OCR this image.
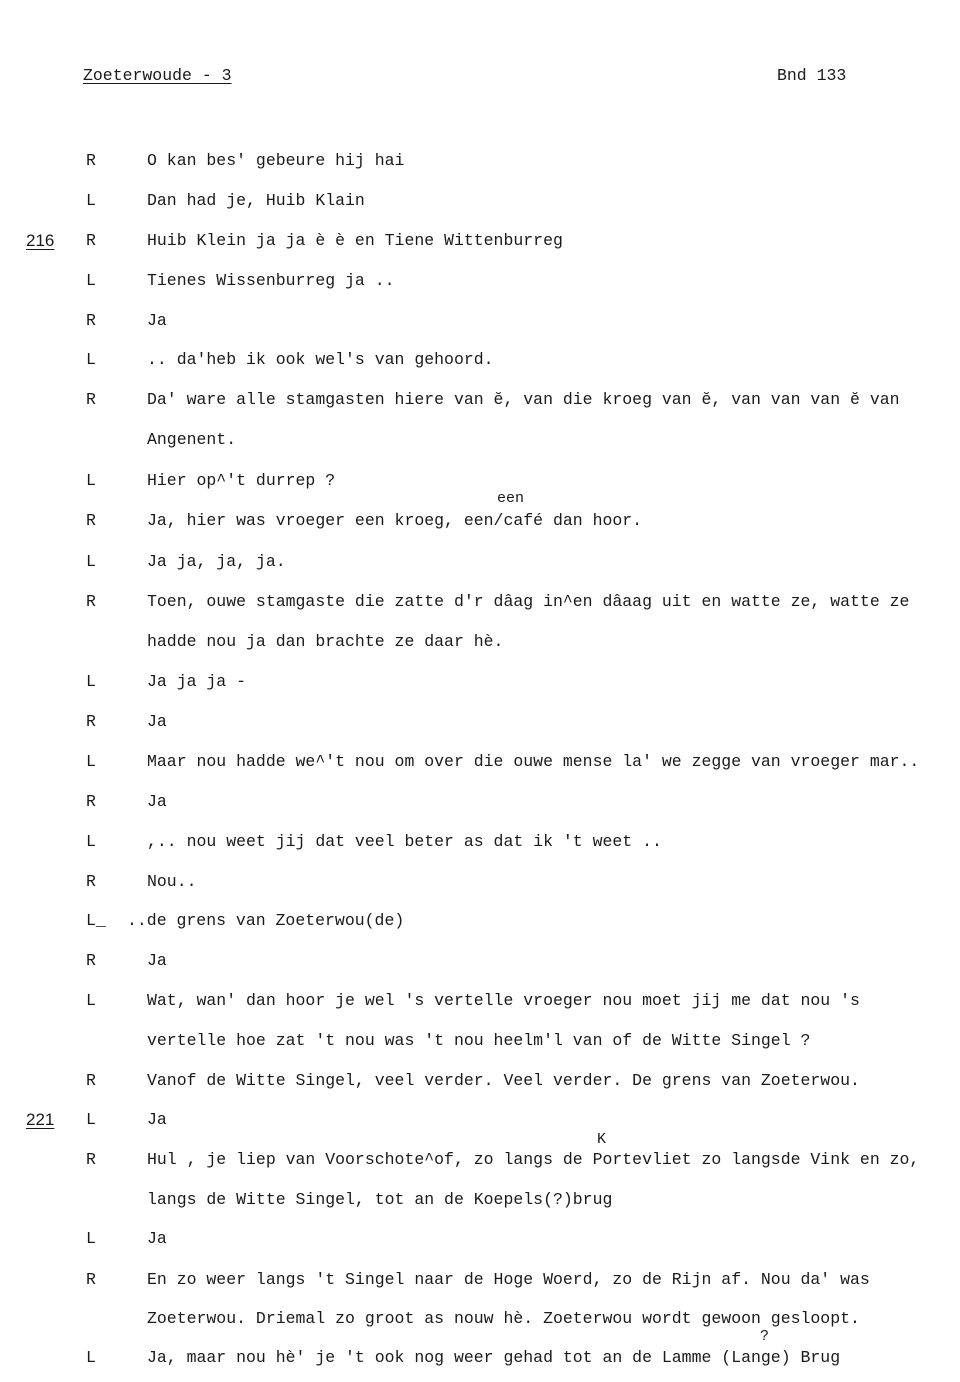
Zoeterwoude - 3	Bnd 133
216
221
een
K
?
R	O kan bes' gebeure hij hai
L	Dan had je, Huib Klain
R	Huib Klein ja ja è è en Tiene Wittenburreg
L	Tienes Wissenburreg ja ..
R	Ja
L	.. da'heb ik ook wel's van gehoord.
R	Da' ware alle stamgasten hiere van ĕ, van die kroeg van ĕ, van van van ĕ van
Angenent.
L	Hier op^'t durrep ?
R	Ja, hier was vroeger een kroeg, een/café dan hoor.
L	Ja ja, ja, ja.
R	Toen, ouwe stamgaste die zatte d'r dâag in^en dâaag uit en watte ze, watte ze
hadde nou ja dan brachte ze daar hè.
L	Ja ja ja -
R	Ja
L	Maar nou hadde we^'t nou om over die ouwe mense la' we zegge van vroeger mar..
R	Ja
L	,.. nou weet jij dat veel beter as dat ik 't weet ..
R	Nou..
L_ ..de grens van Zoeterwou(de)
R	Ja
L	Wat, wan' dan hoor je wel 's vertelle vroeger nou moet jij me dat nou 's
vertelle hoe zat 't nou was 't nou heelm'l van of de Witte Singel ?
R	Vanof de Witte Singel, veel verder. Veel verder. De grens van Zoeterwou.
L	Ja
R	Hul , je liep van Voorschote^of, zo langs de Portevliet zo langsde Vink en zo,
langs de Witte Singel, tot an de Koepels(?)brug
L	Ja
R	En zo weer langs 't Singel naar de Hoge Woerd, zo de Rijn af. Nou da' was
Zoeterwou. Driemal zo groot as nouw hè. Zoeterwou wordt gewoon gesloopt.
L	Ja, maar nou hè' je 't ook nog weer gehad tot an de Lamme (Lange) Brug
